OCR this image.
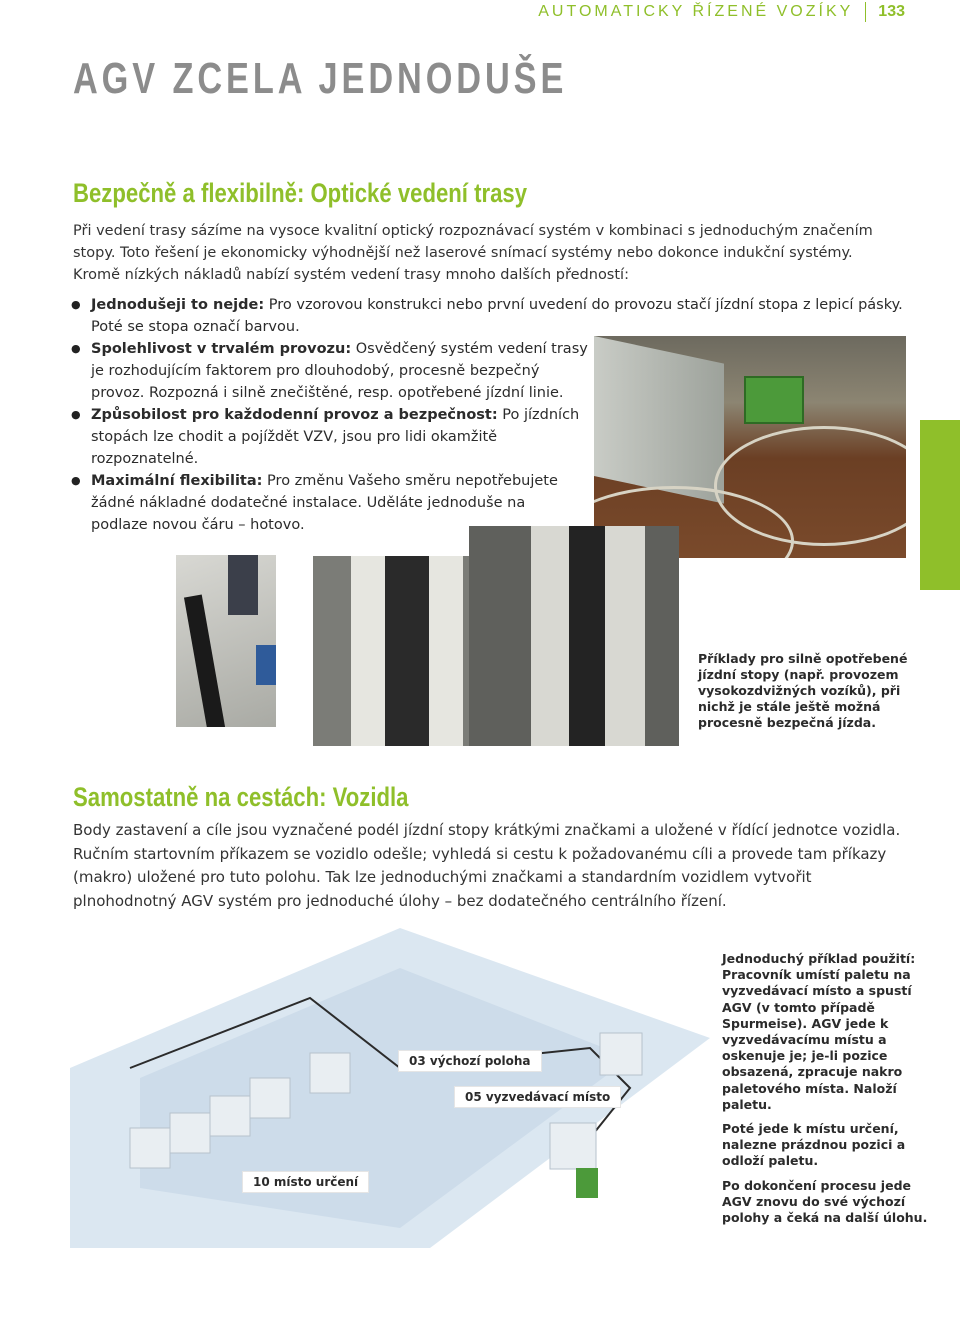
AUTOMATICKY ŘÍZENÉ VOZÍKY 133
AGV ZCELA JEDNODUŠE
Bezpečně a flexibilně: Optické vedení trasy

Při vedení trasy sázíme na vysoce kvalitní optický rozpoznávací systém v kombinaci s jednoduchým značením stopy. Toto řešení je ekonomicky výhodnější než laserové snímací systémy nebo dokonce indukční systémy. Kromě nízkých nákladů nabízí systém vedení trasy mnoho dalších předností:

● Jednodušeji to nejde: Pro vzorovou konstrukci nebo první uvedení do provozu stačí jízdní stopa z lepicí pásky. Poté se stopa označí barvou.
● Spolehlivost v trvalém provozu: Osvědčený systém vedení trasy je rozhodujícím faktorem pro dlouhodobý, procesně bezpečný provoz. Rozpozná i silně znečištěné, resp. opotřebené jízdní linie.
● Způsobilost pro každodenní provoz a bezpečnost: Po jízdních stopách lze chodit a pojíždět VZV, jsou pro lidi okamžitě rozpoznatelné.
● Maximální flexibilita: Pro změnu Vašeho směru nepotřebujete žádné nákladné dodatečné instalace. Uděláte jednoduše na podlaze novou čáru – hotovo.

Příklady pro silně opotřebené jízdní stopy (např. provozem vysokozdvižných vozíků), při nichž je stále ještě možná procesně bezpečná jízda.

Samostatně na cestách: Vozidla

Body zastavení a cíle jsou vyznačené podél jízdní stopy krátkými značkami a uložené v řídící jednotce vozidla. Ručním startovním příkazem se vozidlo odešle; vyhledá si cestu k požadovanému cíli a provede tam příkazy (makro) uložené pro tuto polohu. Tak lze jednoduchými značkami a standardním vozidlem vytvořit plnohodnotný AGV systém pro jednoduché úlohy – bez dodatečného centrálního řízení.

03 výchozí poloha
05 vyzvedávací místo
10 místo určení

Jednoduchý příklad použití: Pracovník umístí paletu na vyzvedávací místo a spustí AGV (v tomto případě Spurmeise). AGV jede k vyzvedávacímu místu a oskenuje je; je-li pozice obsazená, zpracuje nakro paletového místa. Naloží paletu.

Poté jede k místu určení, nalezne prázdnou pozici a odloží paletu.

Po dokončení procesu jede AGV znovu do své výchozí polohy a čeká na další úlohu.
